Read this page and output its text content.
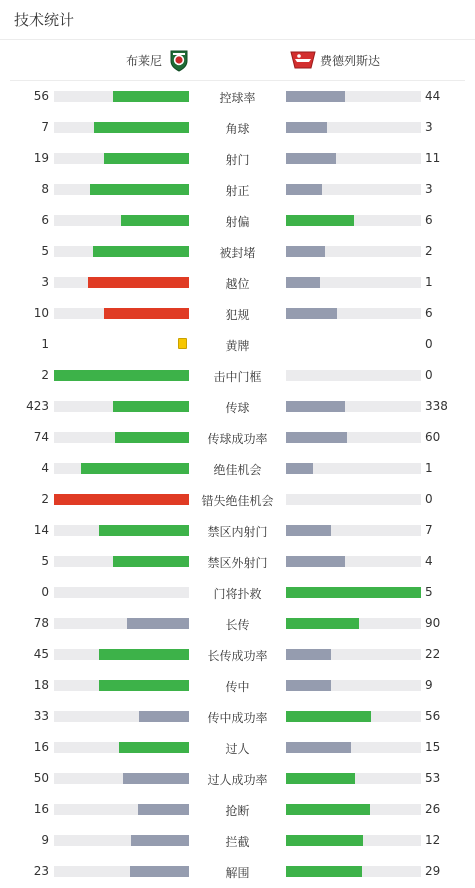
技术统计
布莱尼	费德列斯达
56	控球率	44
7	角球	3
19	射门	11
8	射正	3
6	射偏	6
5	被封堵	2
3	越位	1
10	犯规	6
1	黄牌	0
2	击中门框	0
423	传球	338
74	传球成功率	60
4	绝佳机会	1
2	错失绝佳机会	0
14	禁区内射门	7
5	禁区外射门	4
0	门将扑救	5
78	长传	90
45	长传成功率	22
18	传中	9
33	传中成功率	56
16	过人	15
50	过人成功率	53
16	抢断	26
9	拦截	12
23	解围	29
